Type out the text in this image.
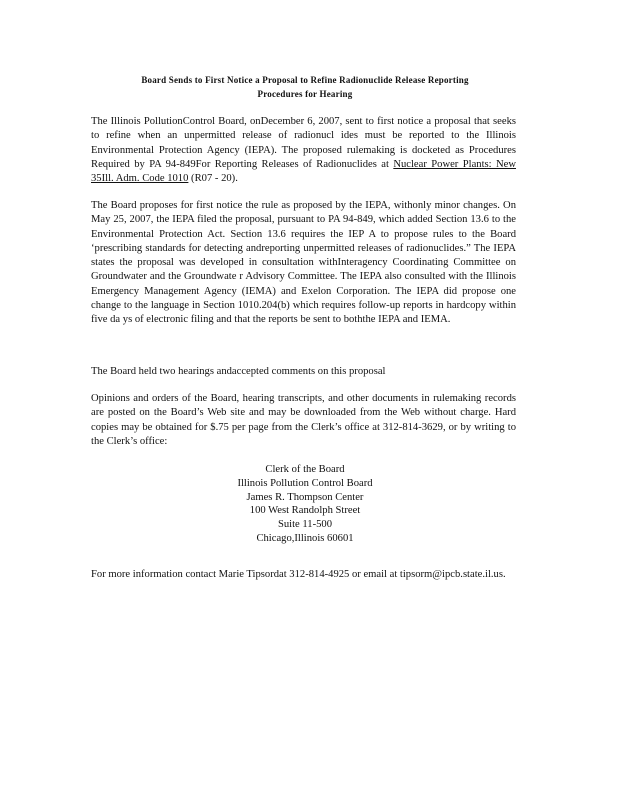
Board Sends to First Notice a Proposal to Refine Radionuclide Release Reporting
Procedures for Hearing

The Illinois PollutionControl Board, onDecember 6, 2007, sent to first notice a proposal that seeks to refine when an unpermitted release of radionucl ides must be reported to the Illinois Environmental Protection Agency (IEPA). The proposed rulemaking is docketed as Procedures Required by PA 94-849For Reporting Releases of Radionuclides at Nuclear Power Plants: New 35Ill. Adm. Code 1010 (R07 - 20).

The Board proposes for first notice the rule as proposed by the IEPA, withonly minor changes. On May 25, 2007, the IEPA filed the proposal, pursuant to PA 94-849, which added Section 13.6 to the Environmental Protection Act. Section 13.6 requires the IEP A to propose rules to the Board ‘prescribing standards for detecting andreporting unpermitted releases of radionuclides.” The IEPA states the proposal was developed in consultation withInteragency Coordinating Committee on Groundwater and the Groundwate r Advisory Committee. The IEPA also consulted with the Illinois Emergency Management Agency (IEMA) and Exelon Corporation. The IEPA did propose one change to the language in Section 1010.204(b) which requires follow-up reports in hardcopy within five da ys of electronic filing and that the reports be sent to boththe IEPA and IEMA.

The Board held two hearings andaccepted comments on this proposal

Opinions and orders of the Board, hearing transcripts, and other documents in rulemaking records are posted on the Board’s Web site and may be downloaded from the Web without charge. Hard copies may be obtained for $.75 per page from the Clerk’s office at 312-814-3629, or by writing to the Clerk’s office:

Clerk of the Board
Illinois Pollution Control Board
James R. Thompson Center
100 West Randolph Street
Suite 11-500
Chicago,Illinois 60601

For more information contact Marie Tipsordat 312-814-4925 or email at tipsorm@ipcb.state.il.us.
